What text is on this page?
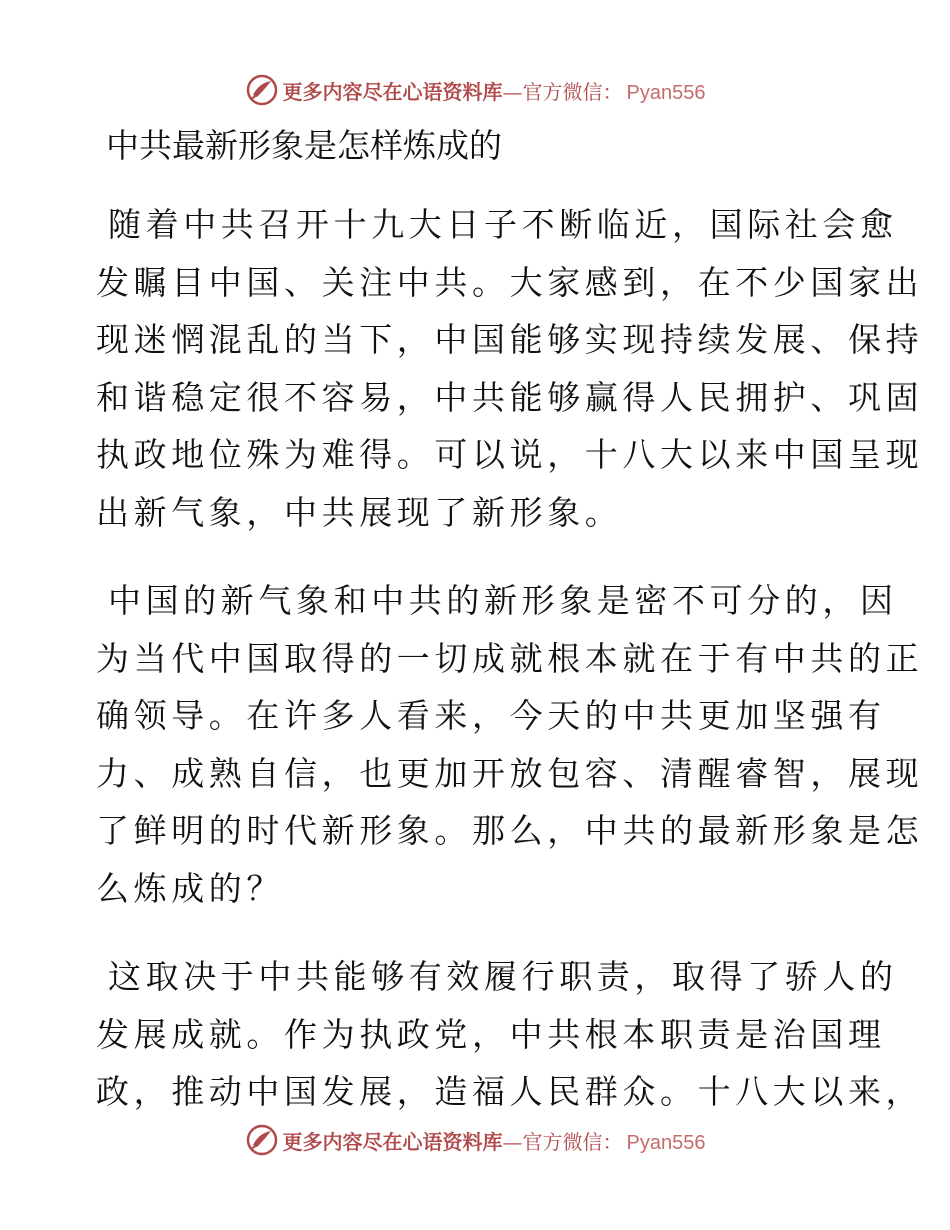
更多内容尽在心语资料库—官方微信： Pyan556
中共最新形象是怎样炼成的

随着中共召开十九大日子不断临近，国际社会愈
发瞩目中国、关注中共。大家感到，在不少国家出
现迷惘混乱的当下，中国能够实现持续发展、保持
和谐稳定很不容易，中共能够赢得人民拥护、巩固
执政地位殊为难得。可以说，十八大以来中国呈现
出新气象，中共展现了新形象。

中国的新气象和中共的新形象是密不可分的，因
为当代中国取得的一切成就根本就在于有中共的正
确领导。在许多人看来，今天的中共更加坚强有
力、成熟自信，也更加开放包容、清醒睿智，展现
了鲜明的时代新形象。那么，中共的最新形象是怎
么炼成的？

这取决于中共能够有效履行职责，取得了骄人的
发展成就。作为执政党，中共根本职责是治国理
政，推动中国发展，造福人民群众。十八大以来，

更多内容尽在心语资料库—官方微信： Pyan556
